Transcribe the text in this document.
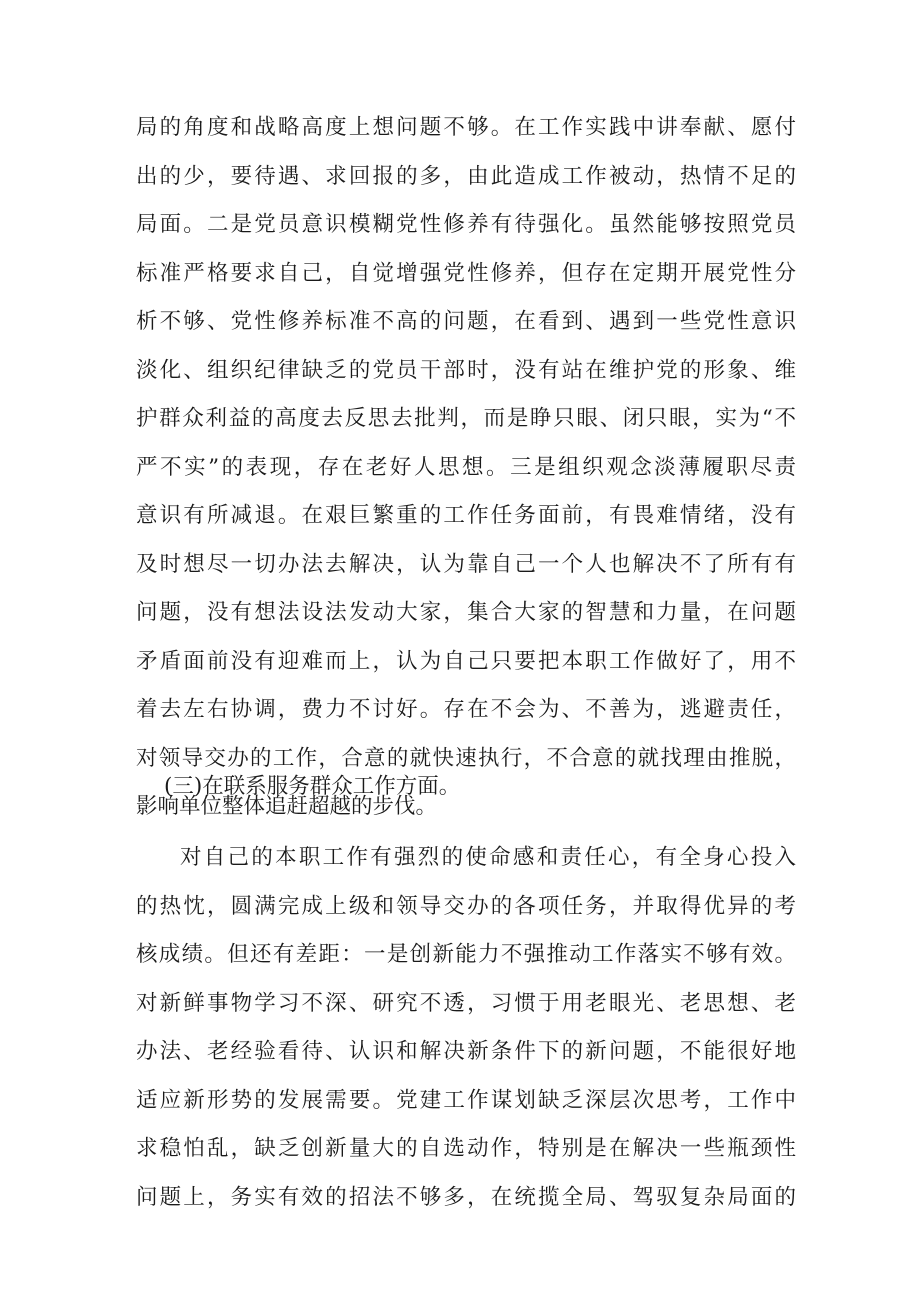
局的角度和战略高度上想问题不够。在工作实践中讲奉献、愿付
出的少，要待遇、求回报的多，由此造成工作被动，热情不足的
局面。二是党员意识模糊党性修养有待强化。虽然能够按照党员
标准严格要求自己，自觉增强党性修养，但存在定期开展党性分
析不够、党性修养标准不高的问题，在看到、遇到一些党性意识
淡化、组织纪律缺乏的党员干部时，没有站在维护党的形象、维
护群众利益的高度去反思去批判，而是睁只眼、闭只眼，实为“不
严不实”的表现，存在老好人思想。三是组织观念淡薄履职尽责
意识有所减退。在艰巨繁重的工作任务面前，有畏难情绪，没有
及时想尽一切办法去解决，认为靠自己一个人也解决不了所有有
问题，没有想法设法发动大家，集合大家的智慧和力量，在问题
矛盾面前没有迎难而上，认为自己只要把本职工作做好了，用不
着去左右协调，费力不讨好。存在不会为、不善为，逃避责任，
对领导交办的工作，合意的就快速执行，不合意的就找理由推脱，
影响单位整体追赶超越的步伐。
(三)在联系服务群众工作方面。
对自己的本职工作有强烈的使命感和责任心，有全身心投入
的热忱，圆满完成上级和领导交办的各项任务，并取得优异的考
核成绩。但还有差距：一是创新能力不强推动工作落实不够有效。
对新鲜事物学习不深、研究不透，习惯于用老眼光、老思想、老
办法、老经验看待、认识和解决新条件下的新问题，不能很好地
适应新形势的发展需要。党建工作谋划缺乏深层次思考，工作中
求稳怕乱，缺乏创新量大的自选动作，特别是在解决一些瓶颈性
问题上，务实有效的招法不够多，在统揽全局、驾驭复杂局面的
